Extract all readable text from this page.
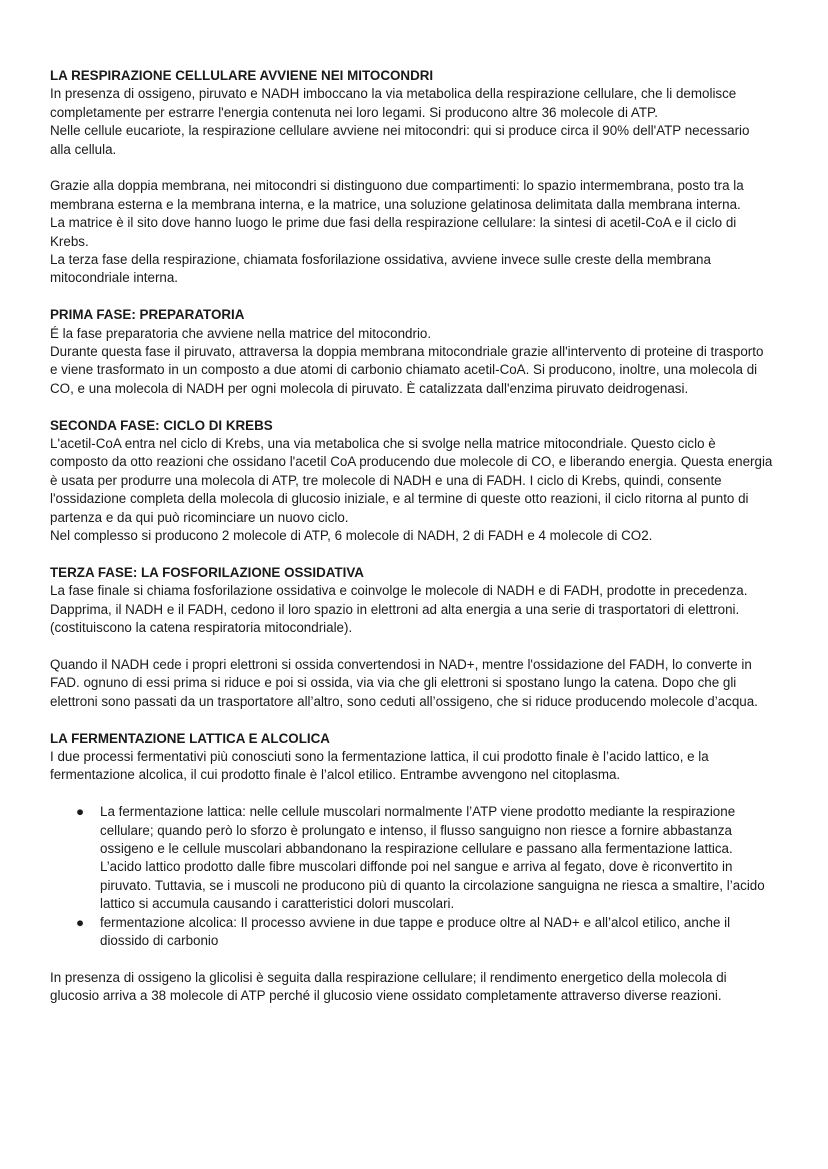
LA RESPIRAZIONE CELLULARE AVVIENE NEI MITOCONDRI

In presenza di ossigeno, piruvato e NADH imboccano la via metabolica della respirazione cellulare, che li demolisce completamente per estrarre l'energia contenuta nei loro legami. Si producono altre 36 molecole di ATP.

Nelle cellule eucariote, la respirazione cellulare avviene nei mitocondri: qui si produce circa il 90% dell'ATP necessario alla cellula.

Grazie alla doppia membrana, nei mitocondri si distinguono due compartimenti: lo spazio intermembrana, posto tra la membrana esterna e la membrana interna, e la matrice, una soluzione gelatinosa delimitata dalla membrana interna.

La matrice è il sito dove hanno luogo le prime due fasi della respirazione cellulare: la sintesi di acetil-CoA e il ciclo di Krebs.

La terza fase della respirazione, chiamata fosforilazione ossidativa, avviene invece sulle creste della membrana mitocondriale interna.

PRIMA FASE: PREPARATORIA

É la fase preparatoria che avviene nella matrice del mitocondrio.

Durante questa fase il piruvato, attraversa la doppia membrana mitocondriale grazie all'intervento di proteine di trasporto e viene trasformato in un composto a due atomi di carbonio chiamato acetil-CoA. Si producono, inoltre, una molecola di CO, e una molecola di NADH per ogni molecola di piruvato. È catalizzata dall'enzima piruvato deidrogenasi.

SECONDA FASE: CICLO DI KREBS

L'acetil-CoA entra nel ciclo di Krebs, una via metabolica che si svolge nella matrice mitocondriale. Questo ciclo è composto da otto reazioni che ossidano l'acetil CoA producendo due molecole di CO, e liberando energia. Questa energia è usata per produrre una molecola di ATP, tre molecole di NADH e una di FADH. I ciclo di Krebs, quindi, consente l'ossidazione completa della molecola di glucosio iniziale, e al termine di queste otto reazioni, il ciclo ritorna al punto di partenza e da qui può ricominciare un nuovo ciclo.

Nel complesso si producono 2 molecole di ATP, 6 molecole di NADH, 2 di FADH e 4 molecole di CO2.

TERZA FASE: LA FOSFORILAZIONE OSSIDATIVA

La fase finale si chiama fosforilazione ossidativa e coinvolge le molecole di NADH e di FADH, prodotte in precedenza.

Dapprima, il NADH e il FADH, cedono il loro spazio in elettroni ad alta energia a una serie di trasportatori di elettroni. (costituiscono la catena respiratoria mitocondriale).

Quando il NADH cede i propri elettroni si ossida convertendosi in NAD+, mentre l'ossidazione del FADH, lo converte in FAD. ognuno di essi prima si riduce e poi si ossida, via via che gli elettroni si spostano lungo la catena. Dopo che gli elettroni sono passati da un trasportatore all’altro, sono ceduti all’ossigeno, che si riduce producendo molecole d’acqua.

LA FERMENTAZIONE LATTICA E ALCOLICA

I due processi fermentativi più conosciuti sono la fermentazione lattica, il cui prodotto finale è l’acido lattico, e la fermentazione alcolica, il cui prodotto finale è l’alcol etilico. Entrambe avvengono nel citoplasma.

● La fermentazione lattica: nelle cellule muscolari normalmente l’ATP viene prodotto mediante la respirazione cellulare; quando però lo sforzo è prolungato e intenso, il flusso sanguigno non riesce a fornire abbastanza ossigeno e le cellule muscolari abbandonano la respirazione cellulare e passano alla fermentazione lattica. L’acido lattico prodotto dalle fibre muscolari diffonde poi nel sangue e arriva al fegato, dove è riconvertito in piruvato. Tuttavia, se i muscoli ne producono più di quanto la circolazione sanguigna ne riesca a smaltire, l’acido lattico si accumula causando i caratteristici dolori muscolari.
● fermentazione alcolica: Il processo avviene in due tappe e produce oltre al NAD+ e all’alcol etilico, anche il diossido di carbonio

In presenza di ossigeno la glicolisi è seguita dalla respirazione cellulare; il rendimento energetico della molecola di glucosio arriva a 38 molecole di ATP perché il glucosio viene ossidato completamente attraverso diverse reazioni.
